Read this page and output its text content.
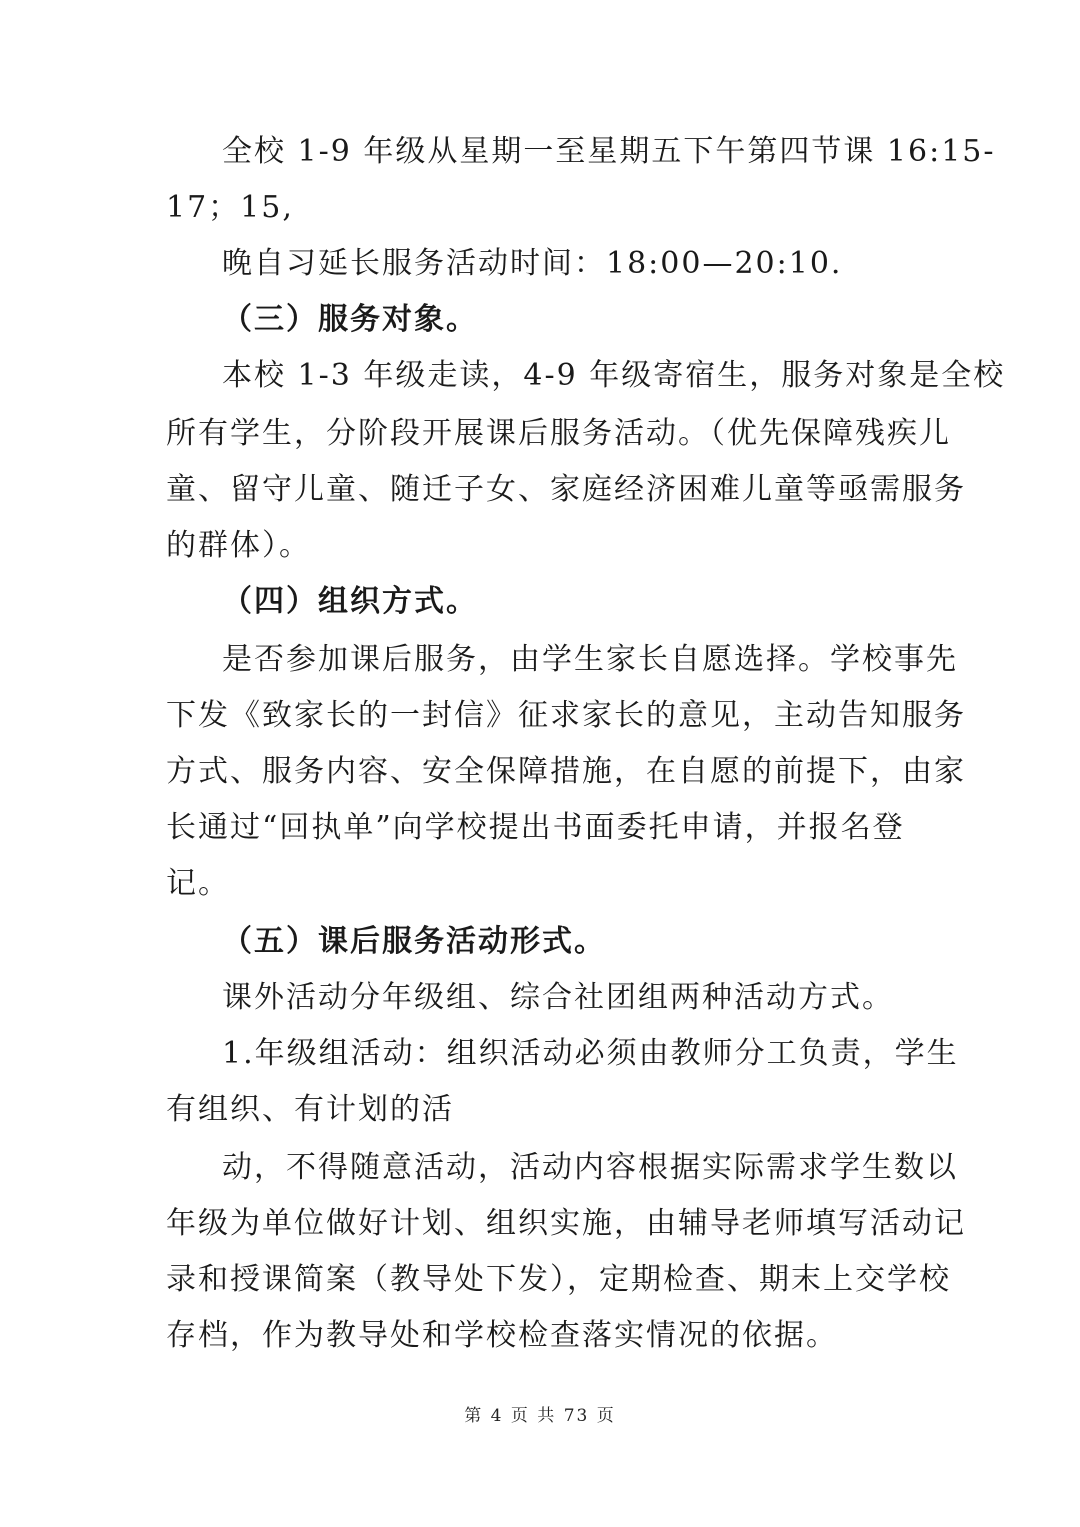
全校 1-9 年级从星期一至星期五下午第四节课 16:15-
17；15,
晚自习延长服务活动时间：18:00—20:10.
（三）服务对象。
本校 1-3 年级走读，4-9 年级寄宿生，服务对象是全校
所有学生，分阶段开展课后服务活动。（优先保障残疾儿
童、留守儿童、随迁子女、家庭经济困难儿童等亟需服务
的群体）。
（四）组织方式。
是否参加课后服务，由学生家长自愿选择。学校事先
下发《致家长的一封信》征求家长的意见，主动告知服务
方式、服务内容、安全保障措施，在自愿的前提下，由家
长通过“回执单”向学校提出书面委托申请，并报名登
记。
（五）课后服务活动形式。
课外活动分年级组、综合社团组两种活动方式。
1.年级组活动：组织活动必须由教师分工负责，学生
有组织、有计划的活
动，不得随意活动，活动内容根据实际需求学生数以
年级为单位做好计划、组织实施，由辅导老师填写活动记
录和授课简案（教导处下发），定期检查、期末上交学校
存档，作为教导处和学校检查落实情况的依据。
第 4 页 共 73 页
